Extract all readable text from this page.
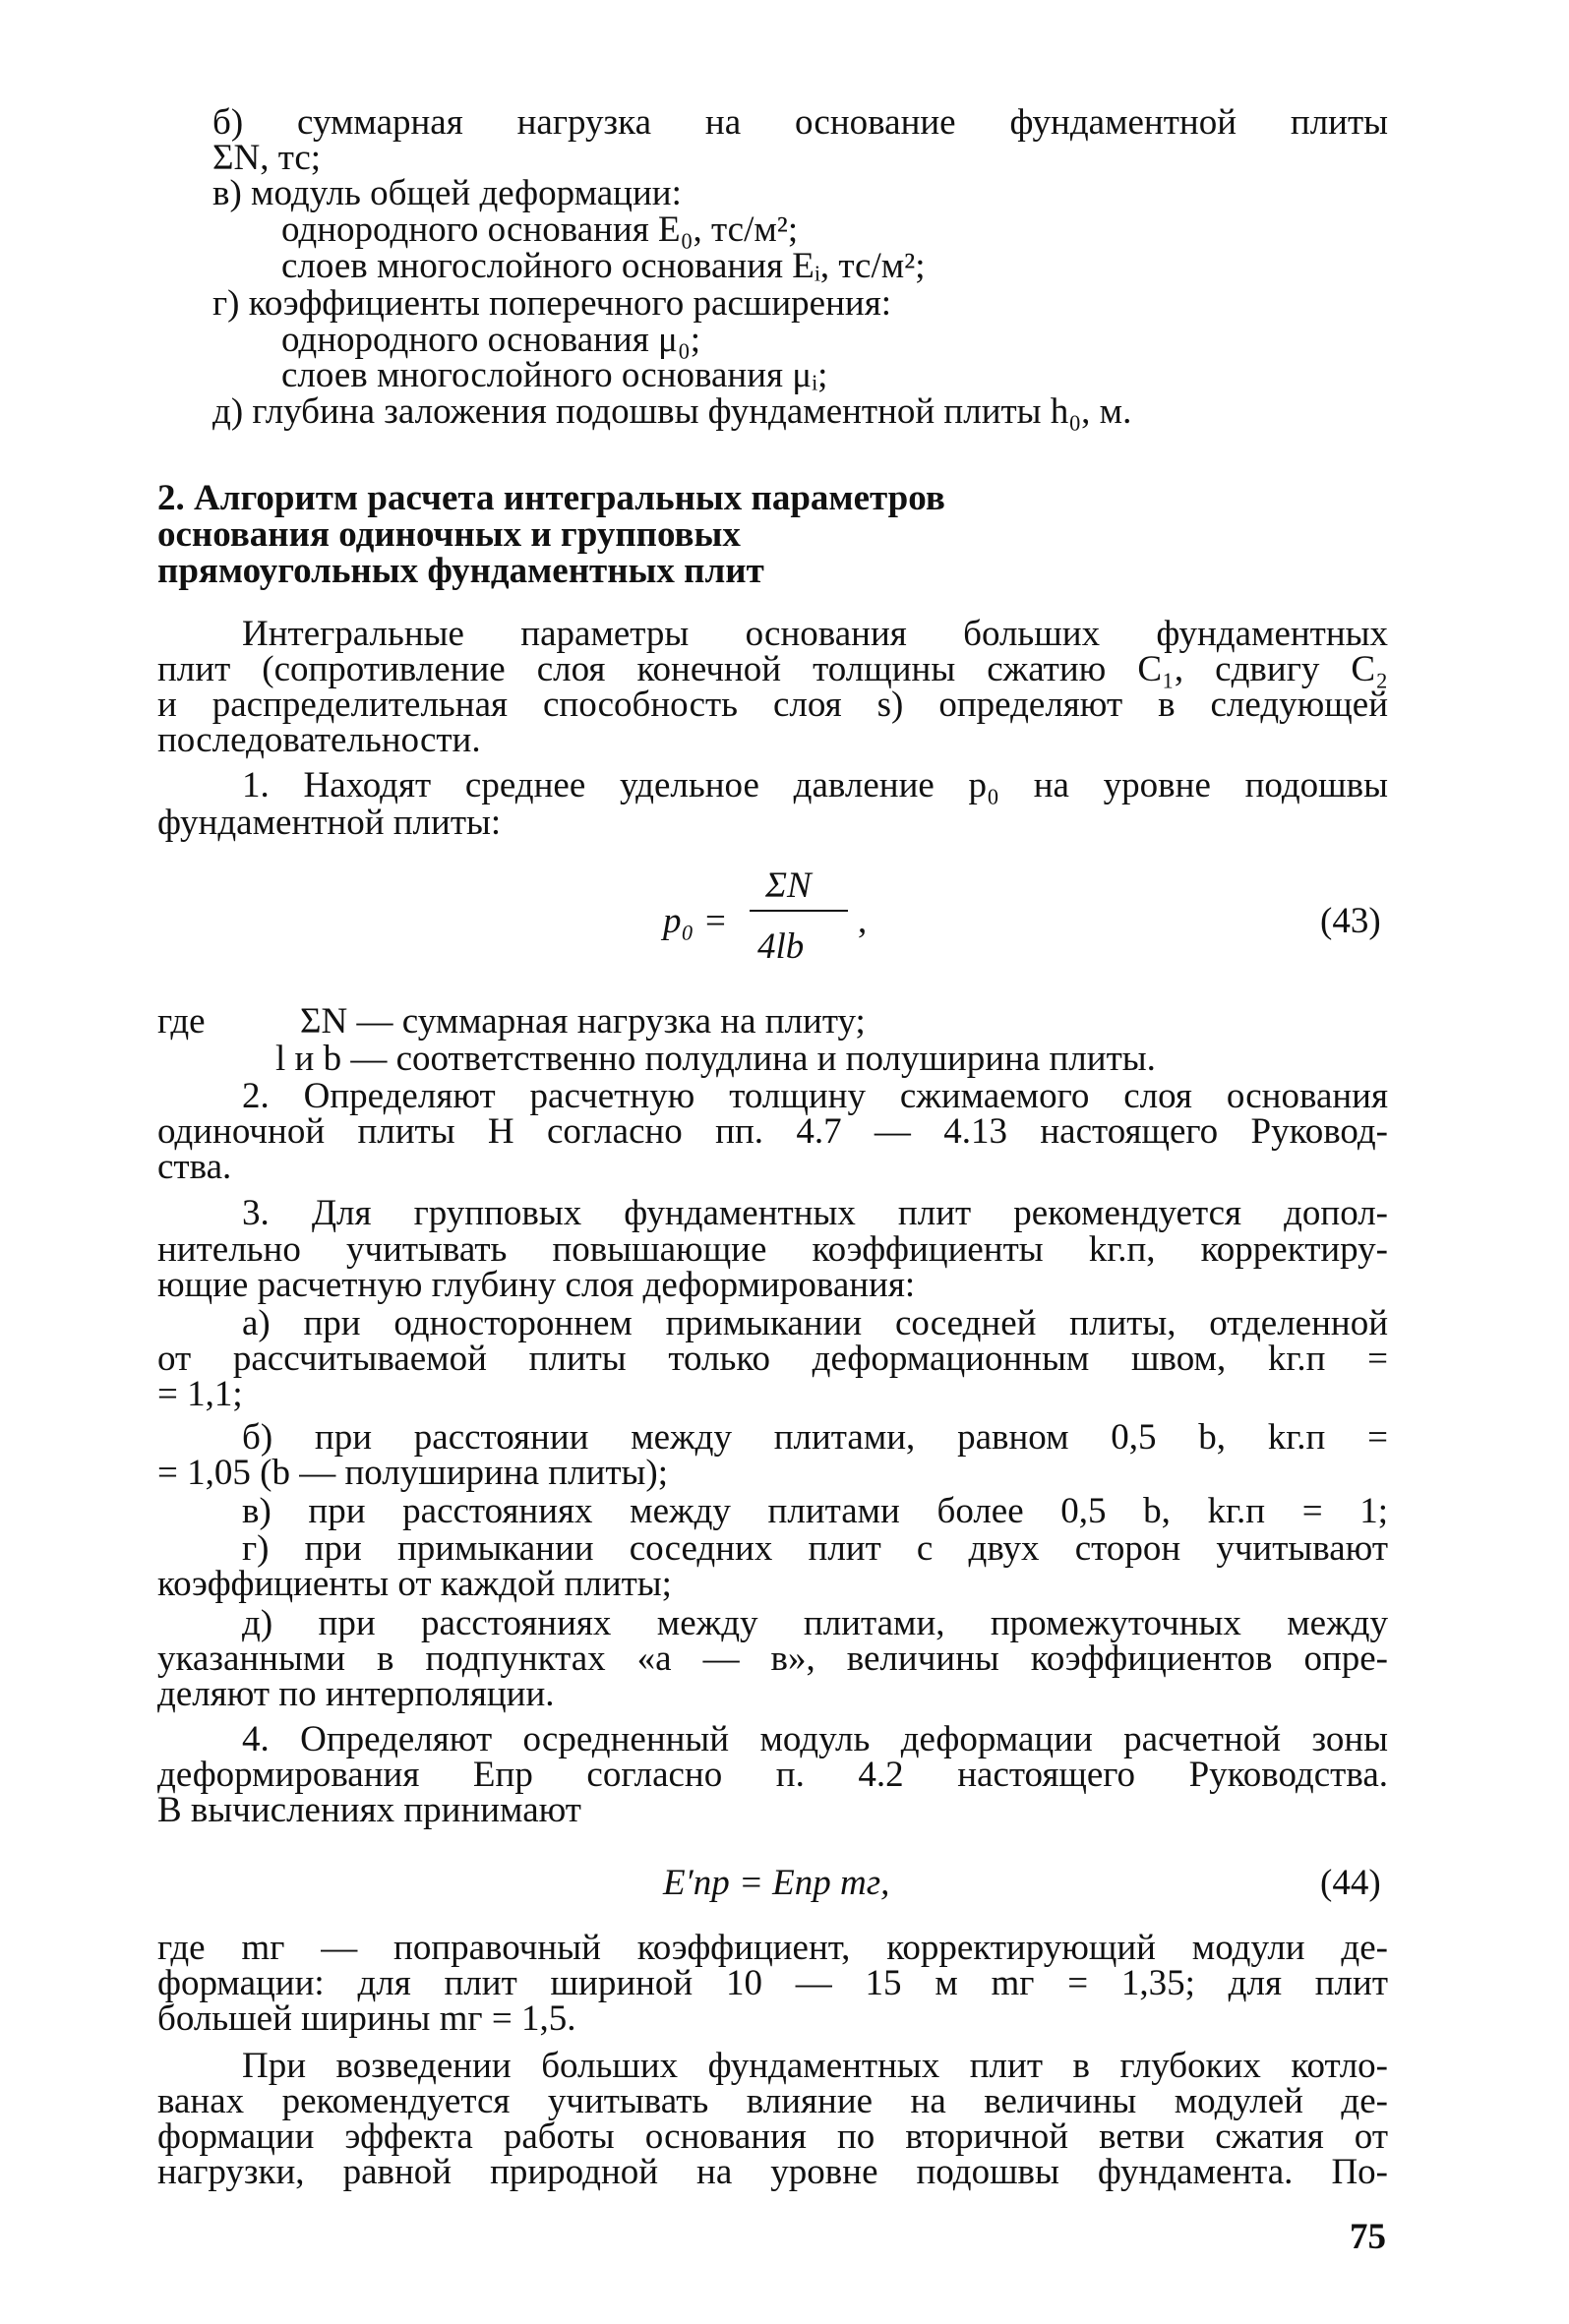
б) суммарная нагрузка на основание фундаментной плиты
ΣN, тс;
в) модуль общей деформации:
однородного основания E₀, тс/м²;
слоев многослойного основания Eᵢ, тс/м²;
г) коэффициенты поперечного расширения:
однородного основания μ₀;
слоев многослойного основания μᵢ;
д) глубина заложения подошвы фундаментной плиты h₀, м.
2. Алгоритм расчета интегральных параметров
основания одиночных и групповых
прямоугольных фундаментных плит
Интегральные параметры основания больших фундаментных
плит (сопротивление слоя конечной толщины сжатию C₁, сдвигу C₂
и распределительная способность слоя s) определяют в следующей
последовательности.
1. Находят среднее удельное давление p₀ на уровне подошвы
фундаментной плиты:
p₀ =
ΣN
4lb
,	(43)
где	ΣN — суммарная нагрузка на плиту;
l и b — соответственно полудлина и полуширина плиты.
2. Определяют расчетную толщину сжимаемого слоя основания
одиночной плиты H согласно пп. 4.7 — 4.13 настоящего Руковод-
ства.
3. Для групповых фундаментных плит рекомендуется допол-
нительно учитывать повышающие коэффициенты kг.п, корректиру-
ющие расчетную глубину слоя деформирования:
а) при одностороннем примыкании соседней плиты, отделенной
от рассчитываемой плиты только деформационным швом, kг.п =
= 1,1;
б) при расстоянии между плитами, равном 0,5 b, kг.п =
= 1,05 (b — полуширина плиты);
в) при расстояниях между плитами более 0,5 b, kг.п = 1;
г) при примыкании соседних плит с двух сторон учитывают
коэффициенты от каждой плиты;
д) при расстояниях между плитами, промежуточных между
указанными в подпунктах «а — в», величины коэффициентов опре-
деляют по интерполяции.
4. Определяют осредненный модуль деформации расчетной зоны
деформирования Eпр согласно п. 4.2 настоящего Руководства.
В вычислениях принимают
E′пр = Eпр mг,	(44)
где mг — поправочный коэффициент, корректирующий модули де-
формации: для плит шириной 10 — 15 м mг = 1,35; для плит
большей ширины mг = 1,5.
При возведении больших фундаментных плит в глубоких котло-
ванах рекомендуется учитывать влияние на величины модулей де-
формации эффекта работы основания по вторичной ветви сжатия от
нагрузки, равной природной на уровне подошвы фундамента. По-
75
